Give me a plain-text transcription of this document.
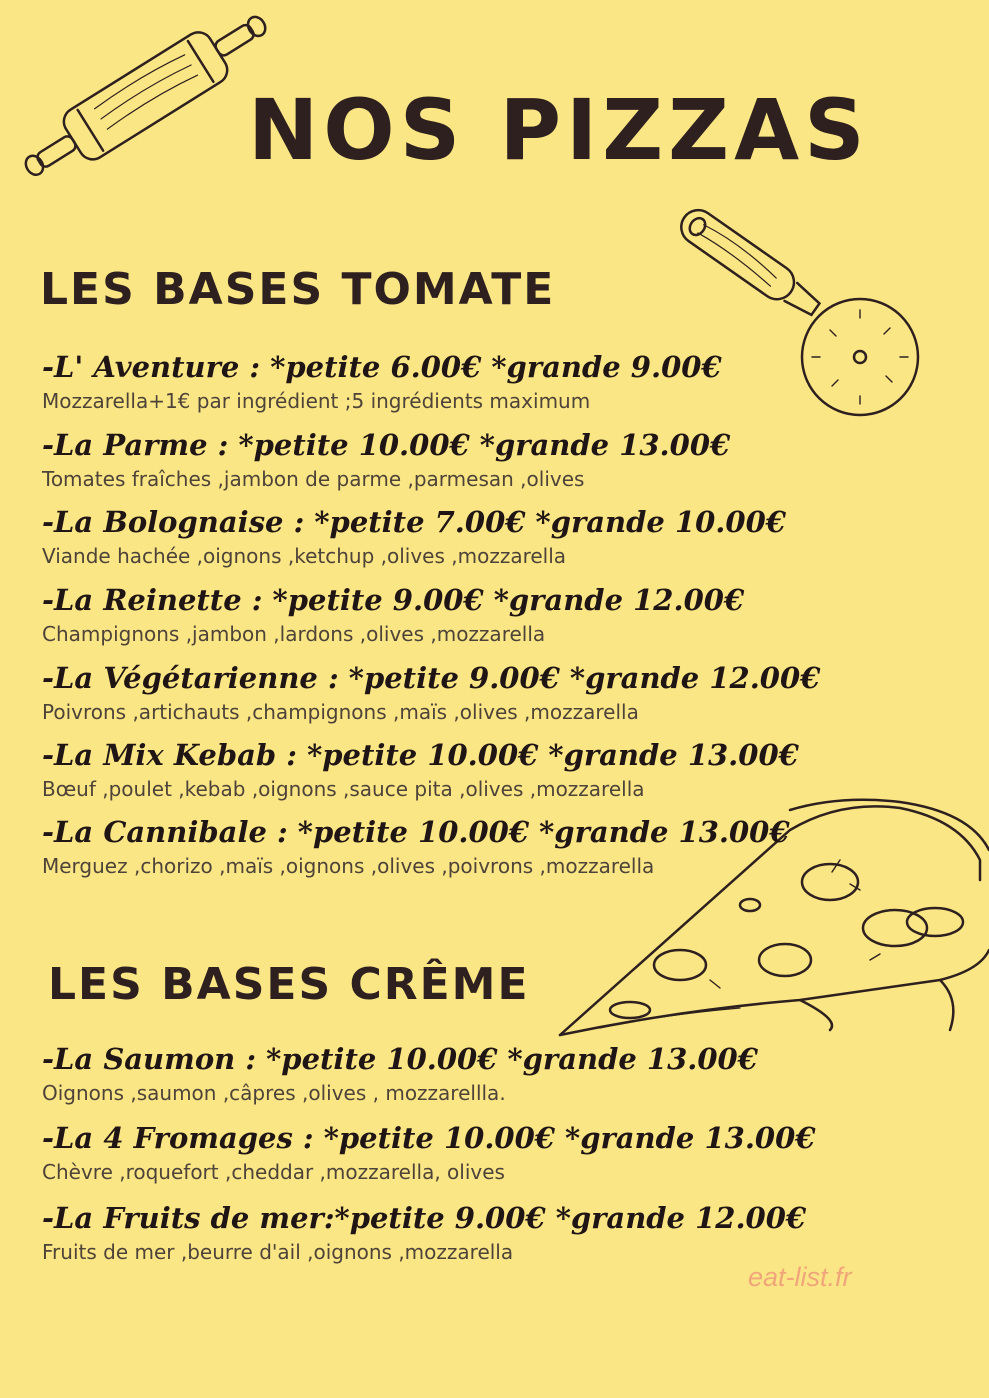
NOS PIZZAS
LES BASES TOMATE
-L' Aventure : *petite 6.00€ *grande 9.00€
Mozzarella+1€ par ingrédient ;5 ingrédients maximum
-La Parme : *petite 10.00€ *grande 13.00€
Tomates fraîches ,jambon de parme ,parmesan ,olives
-La Bolognaise : *petite 7.00€ *grande 10.00€
Viande hachée ,oignons ,ketchup ,olives ,mozzarella
-La Reinette : *petite 9.00€ *grande 12.00€
Champignons ,jambon ,lardons ,olives ,mozzarella
-La Végétarienne : *petite 9.00€ *grande 12.00€
Poivrons ,artichauts ,champignons ,maïs ,olives ,mozzarella
-La Mix Kebab : *petite 10.00€ *grande 13.00€
Bœuf ,poulet ,kebab ,oignons ,sauce pita ,olives ,mozzarella
-La Cannibale : *petite 10.00€ *grande 13.00€
Merguez ,chorizo ,maïs ,oignons ,olives ,poivrons ,mozzarella
LES BASES CRÊME
-La Saumon : *petite 10.00€ *grande 13.00€
Oignons ,saumon ,câpres ,olives , mozzarellla.
-La 4 Fromages : *petite 10.00€ *grande 13.00€
Chèvre ,roquefort ,cheddar ,mozzarella, olives
-La Fruits de mer:*petite 9.00€ *grande 12.00€
Fruits de mer ,beurre d'ail ,oignons ,mozzarella
eat-list.fr
